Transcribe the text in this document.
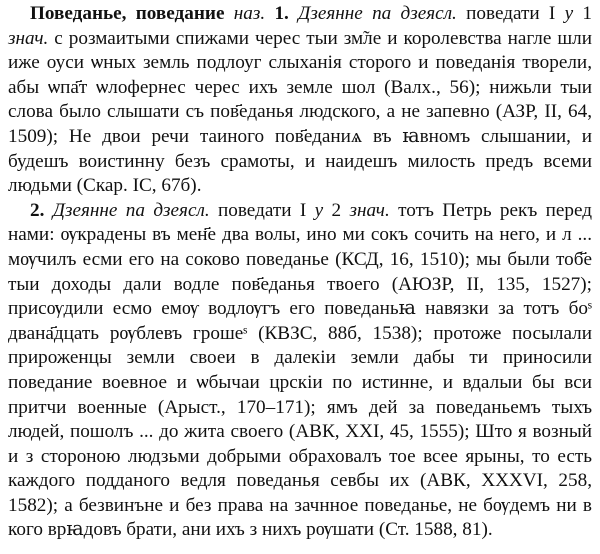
Поведанье, поведание наз. 1. Дзеянне па дзеясл. поведати I у 1 знач. с розмаитыми спижами черес тыи зм̃ле и королевства нагле шли иже оуси ѡных земль подлоуг слыханія сторого и поведанія творели, абы ѡпа҃т ѡлофернес черес ихъ земле шол (Валх., 56); нижьли тыи слова было слышати съ пов҃еданья людского, а не запевно (АЗР, II, 64, 1509); Не двои речи таиного пов҃еданиѧ въ ꙗвномъ слышании, и будешъ воистинну безъ срамоты, и наидешъ милость предъ всеми людьми (Скар. IC, 67б).

2. Дзеянне па дзеясл. поведати I у 2 знач. тотъ Петрь рекъ перед нами: ѹкрадены въ мен҃е два волы, ино ми сокъ сочить на него, и л ... мѹчилъ есми его на соково поведанье (КСД, 16, 1510); мы были тоб҃е тыи доходы дали водле пов҃еданья твоего (АЮЗР, II, 135, 1527); присѹдили есмо емѹ водлѹгъ его поведаньꙗ навязки за тотъ боˢ двана҃дцать рѹблевъ грошеˢ (КВЗС, 88б, 1538); протоже посылали прироженцы земли своеи в далекіи земли дабы ти приносили поведание воевное и ѡбычаи црскіи по истинне, и вдалыи бы вси притчи военные (Арыст., 170–171); ямъ дей за поведаньемъ тыхъ людей, пошолъ ... до жита своего (АВК, XXI, 45, 1555); Што я возный и з стороною людзьми добрыми обраховалъ тое всее ярыны, то есть каждого подданого ведля поведанья севбы их (АВК, XXXVI, 258, 1582); а безвинъне и без права на зачнное поведанье, не бѹдемъ ни в кого врꙗдовъ брати, ани ихъ з нихъ рѹшати (Ст. 1588, 81).
